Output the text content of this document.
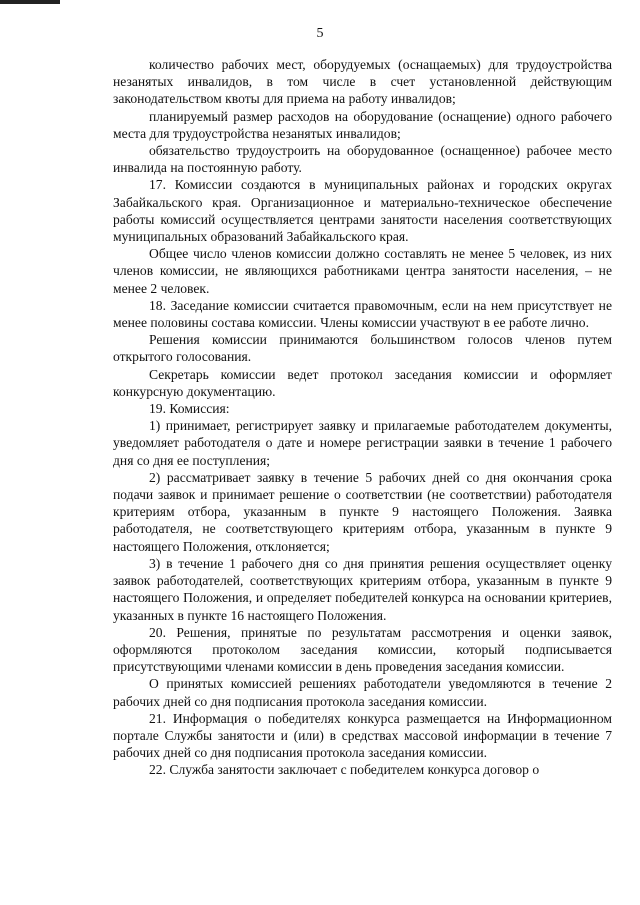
5

количество рабочих мест, оборудуемых (оснащаемых) для трудоустройства незанятых инвалидов, в том числе в счет установленной действующим законодательством квоты для приема на работу инвалидов;

планируемый размер расходов на оборудование (оснащение) одного рабочего места для трудоустройства незанятых инвалидов;

обязательство трудоустроить на оборудованное (оснащенное) рабочее место инвалида на постоянную работу.

17. Комиссии создаются в муниципальных районах и городских округах Забайкальского края. Организационное и материально-техническое обеспечение работы комиссий осуществляется центрами занятости населения соответствующих муниципальных образований Забайкальского края.

Общее число членов комиссии должно составлять не менее 5 человек, из них членов комиссии, не являющихся работниками центра занятости населения, – не менее 2 человек.

18. Заседание комиссии считается правомочным, если на нем присутствует не менее половины состава комиссии. Члены комиссии участвуют в ее работе лично.

Решения комиссии принимаются большинством голосов членов путем открытого голосования.

Секретарь комиссии ведет протокол заседания комиссии и оформляет конкурсную документацию.

19. Комиссия:

1) принимает, регистрирует заявку и прилагаемые работодателем документы, уведомляет работодателя о дате и номере регистрации заявки в течение 1 рабочего дня со дня ее поступления;

2) рассматривает заявку в течение 5 рабочих дней со дня окончания срока подачи заявок и принимает решение о соответствии (не соответствии) работодателя критериям отбора, указанным в пункте 9 настоящего Положения. Заявка работодателя, не соответствующего критериям отбора, указанным в пункте 9 настоящего Положения, отклоняется;

3) в течение 1 рабочего дня со дня принятия решения осуществляет оценку заявок работодателей, соответствующих критериям отбора, указанным в пункте 9 настоящего Положения, и определяет победителей конкурса на основании критериев, указанных в пункте 16 настоящего Положения.

20. Решения, принятые по результатам рассмотрения и оценки заявок, оформляются протоколом заседания комиссии, который подписывается присутствующими членами комиссии в день проведения заседания комиссии.

О принятых комиссией решениях работодатели уведомляются в течение 2 рабочих дней со дня подписания протокола заседания комиссии.

21. Информация о победителях конкурса размещается на Информационном портале Службы занятости и (или) в средствах массовой информации в течение 7 рабочих дней со дня подписания протокола заседания комиссии.

22. Служба занятости заключает с победителем конкурса договор о
